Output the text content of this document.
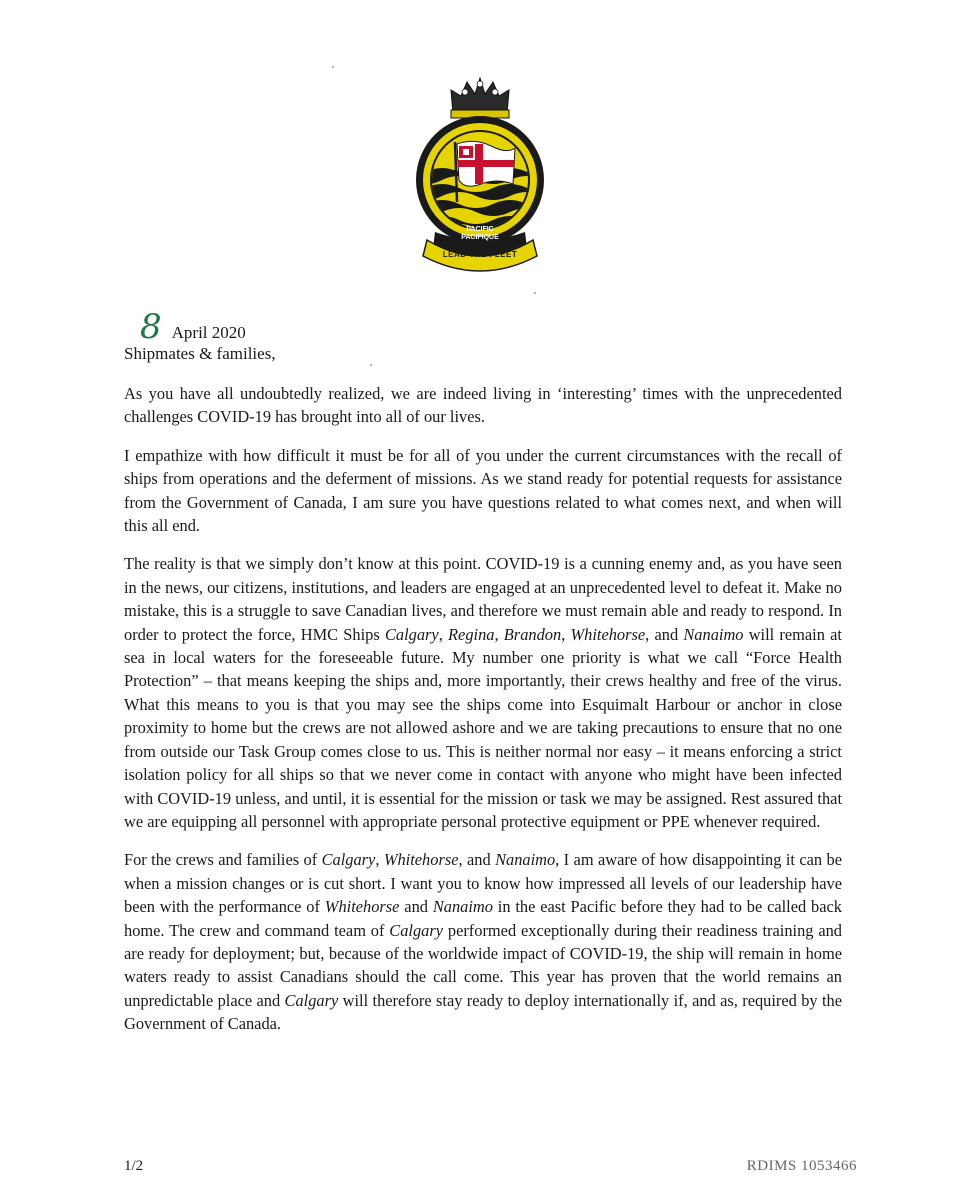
PACIFIC
PACIFIQUE
LEAD THE FLEET
8 April 2020
Shipmates & families,

As you have all undoubtedly realized, we are indeed living in ‘interesting’ times with the unprecedented challenges COVID-19 has brought into all of our lives.

I empathize with how difficult it must be for all of you under the current circumstances with the recall of ships from operations and the deferment of missions. As we stand ready for potential requests for assistance from the Government of Canada, I am sure you have questions related to what comes next, and when will this all end.

The reality is that we simply don’t know at this point. COVID-19 is a cunning enemy and, as you have seen in the news, our citizens, institutions, and leaders are engaged at an unprecedented level to defeat it. Make no mistake, this is a struggle to save Canadian lives, and therefore we must remain able and ready to respond. In order to protect the force, HMC Ships Calgary, Regina, Brandon, Whitehorse, and Nanaimo will remain at sea in local waters for the foreseeable future. My number one priority is what we call “Force Health Protection” – that means keeping the ships and, more importantly, their crews healthy and free of the virus. What this means to you is that you may see the ships come into Esquimalt Harbour or anchor in close proximity to home but the crews are not allowed ashore and we are taking precautions to ensure that no one from outside our Task Group comes close to us. This is neither normal nor easy – it means enforcing a strict isolation policy for all ships so that we never come in contact with anyone who might have been infected with COVID-19 unless, and until, it is essential for the mission or task we may be assigned. Rest assured that we are equipping all personnel with appropriate personal protective equipment or PPE whenever required.

For the crews and families of Calgary, Whitehorse, and Nanaimo, I am aware of how disappointing it can be when a mission changes or is cut short. I want you to know how impressed all levels of our leadership have been with the performance of Whitehorse and Nanaimo in the east Pacific before they had to be called back home. The crew and command team of Calgary performed exceptionally during their readiness training and are ready for deployment; but, because of the worldwide impact of COVID-19, the ship will remain in home waters ready to assist Canadians should the call come. This year has proven that the world remains an unpredictable place and Calgary will therefore stay ready to deploy internationally if, and as, required by the Government of Canada.

1/2	RDIMS 1053466
